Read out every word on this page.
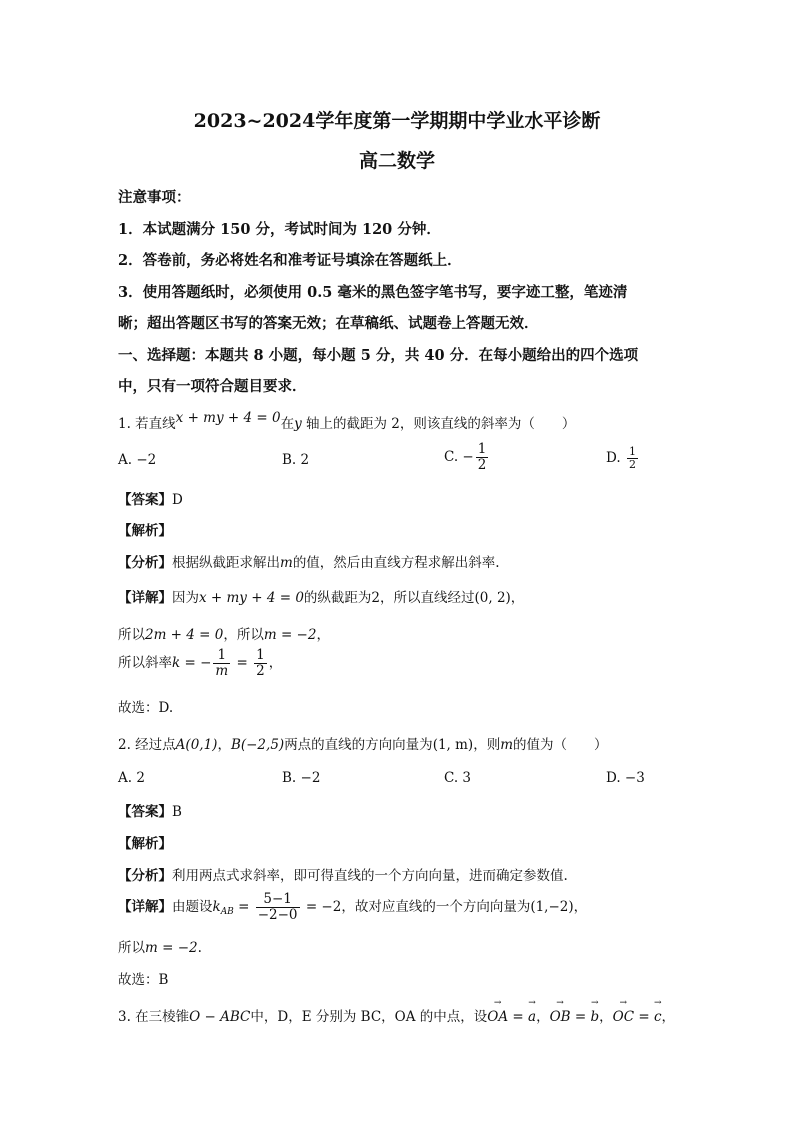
2023~2024学年度第一学期期中学业水平诊断
高二数学
注意事项：
1．本试题满分 150 分，考试时间为 120 分钟．
2．答卷前，务必将姓名和准考证号填涂在答题纸上．
3．使用答题纸时，必须使用 0.5 毫米的黑色签字笔书写，要字迹工整，笔迹清
晰；超出答题区书写的答案无效；在草稿纸、试题卷上答题无效．
一、选择题：本题共 8 小题，每小题 5 分，共 40 分．在每小题给出的四个选项
中，只有一项符合题目要求．
1. 若直线x + my + 4 = 0在y 轴上的截距为 2，则该直线的斜率为（　　）
A. −2	B. 2	C. − $\frac{1}{2}$	D. $\frac{1}{2}$
【答案】D
【解析】
【分析】根据纵截距求解出m的值，然后由直线方程求解出斜率.
【详解】因为x + my + 4 = 0的纵截距为2，所以直线经过(0, 2)，
所以2m + 4 = 0，所以m = −2，
所以斜率k = − $\frac{1}{m} = \frac{1}{2}$ ，
故选：D.
2. 经过点A(0,1)，B(−2,5)两点的直线的方向向量为(1, m)，则m的值为（　　）
A. 2	B. −2	C. 3	D. −3
【答案】B
【解析】
【分析】利用两点式求斜率，即可得直线的一个方向向量，进而确定参数值.
【详解】由题设$k_{AB} = \frac{5-1}{-2-0} = -2$，故对应直线的一个方向向量为(1,−2)，
所以m = −2.
故选：B
3. 在三棱锥O − ABC中，D，E 分别为 BC，OA 的中点，设→ OA = → a，→ OB = → b，→ OC = → c，
